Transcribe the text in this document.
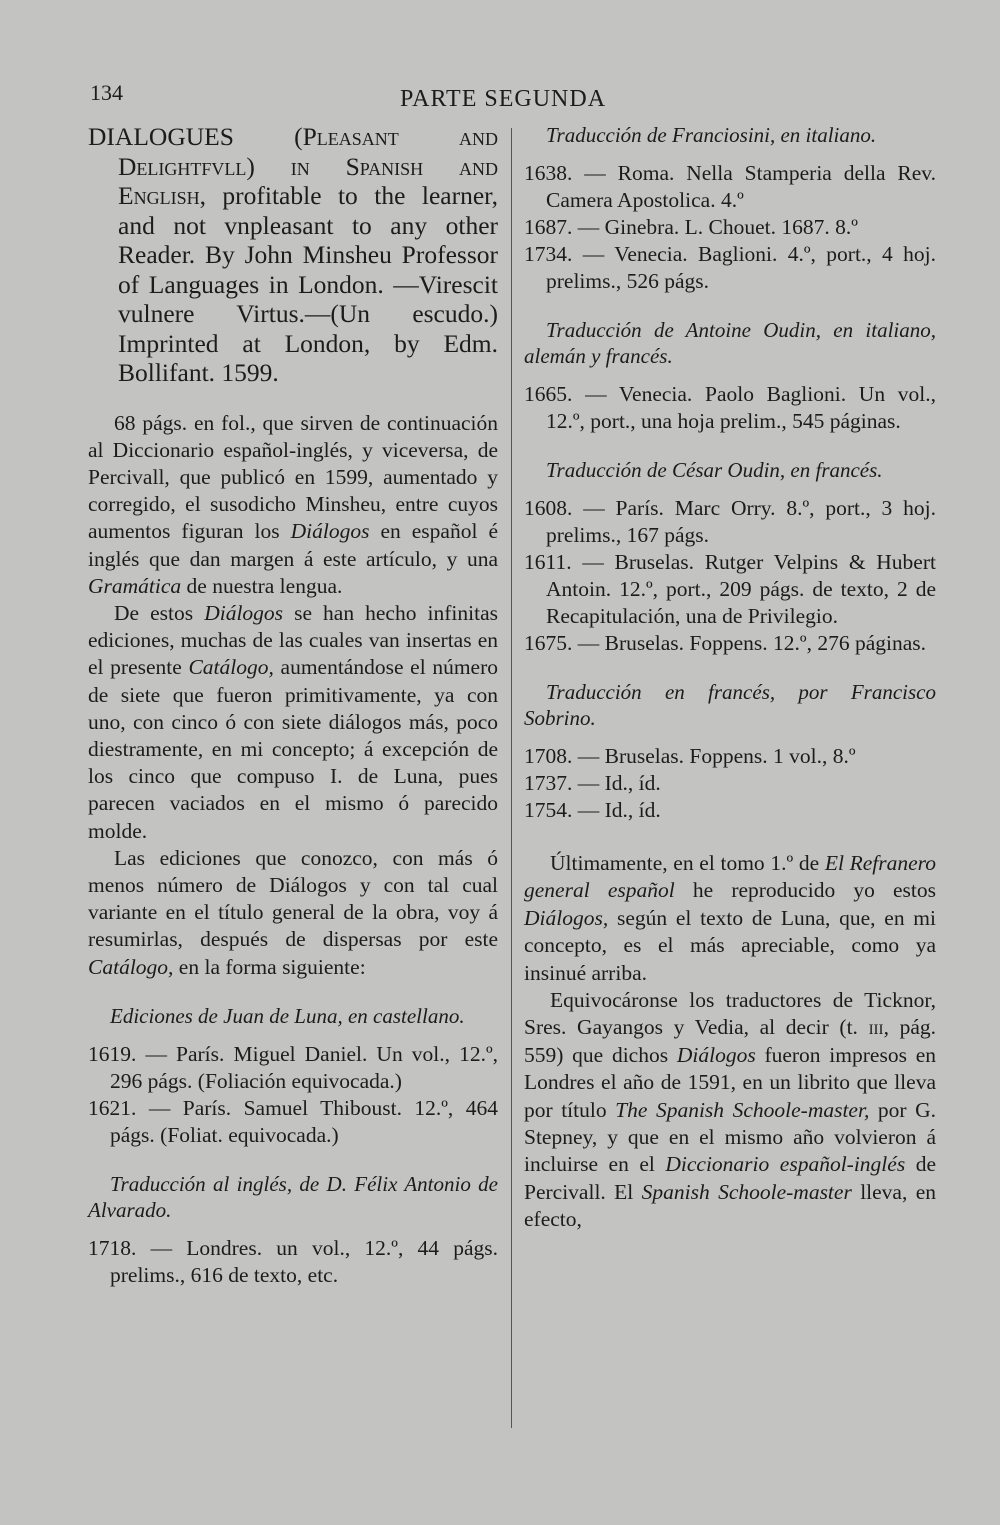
134	PARTE SEGUNDA

DIALOGUES (Pleasant and Delightfvll) in Spanish and English, profitable to the learner, and not vnpleasant to any other Reader. By John Minsheu Professor of Languages in London. —Virescit vulnere Virtus.—(Un escudo.) Imprinted at London, by Edm. Bollifant. 1599.

68 págs. en fol., que sirven de continuación al Diccionario español-inglés, y viceversa, de Percivall, que publicó en 1599, aumentado y corregido, el susodicho Minsheu, entre cuyos aumentos figuran los Diálogos en español é inglés que dan margen á este artículo, y una Gramática de nuestra lengua.

De estos Diálogos se han hecho infinitas ediciones, muchas de las cuales van insertas en el presente Catálogo, aumentándose el número de siete que fueron primitivamente, ya con uno, con cinco ó con siete diálogos más, poco diestramente, en mi concepto; á excepción de los cinco que compuso I. de Luna, pues parecen vaciados en el mismo ó parecido molde.

Las ediciones que conozco, con más ó menos número de Diálogos y con tal cual variante en el título general de la obra, voy á resumirlas, después de dispersas por este Catálogo, en la forma siguiente:

Ediciones de Juan de Luna, en castellano.

1619. — París. Miguel Daniel. Un vol., 12.º, 296 págs. (Foliación equivocada.)

1621. — París. Samuel Thiboust. 12.º, 464 págs. (Foliat. equivocada.)

Traducción al inglés, de D. Félix Antonio de Alvarado.

1718. — Londres. un vol., 12.º, 44 págs. prelims., 616 de texto, etc.

Traducción de Franciosini, en italiano.

1638. — Roma. Nella Stamperia della Rev. Camera Apostolica. 4.º

1687. — Ginebra. L. Chouet. 1687. 8.º

1734. — Venecia. Baglioni. 4.º, port., 4 hoj. prelims., 526 págs.

Traducción de Antoine Oudin, en italiano, alemán y francés.

1665. — Venecia. Paolo Baglioni. Un vol., 12.º, port., una hoja prelim., 545 páginas.

Traducción de César Oudin, en francés.

1608. — París. Marc Orry. 8.º, port., 3 hoj. prelims., 167 págs.

1611. — Bruselas. Rutger Velpins & Hubert Antoin. 12.º, port., 209 págs. de texto, 2 de Recapitulación, una de Privilegio.

1675. — Bruselas. Foppens. 12.º, 276 páginas.

Traducción en francés, por Francisco Sobrino.

1708. — Bruselas. Foppens. 1 vol., 8.º

1737. — Id., íd.

1754. — Id., íd.

Últimamente, en el tomo 1.º de El Refranero general español he reproducido yo estos Diálogos, según el texto de Luna, que, en mi concepto, es el más apreciable, como ya insinué arriba.

Equivocáronse los traductores de Ticknor, Sres. Gayangos y Vedia, al decir (t. iii, pág. 559) que dichos Diálogos fueron impresos en Londres el año de 1591, en un librito que lleva por título The Spanish Schoole-master, por G. Stepney, y que en el mismo año volvieron á incluirse en el Diccionario español-inglés de Percivall. El Spanish Schoole-master lleva, en efecto,
